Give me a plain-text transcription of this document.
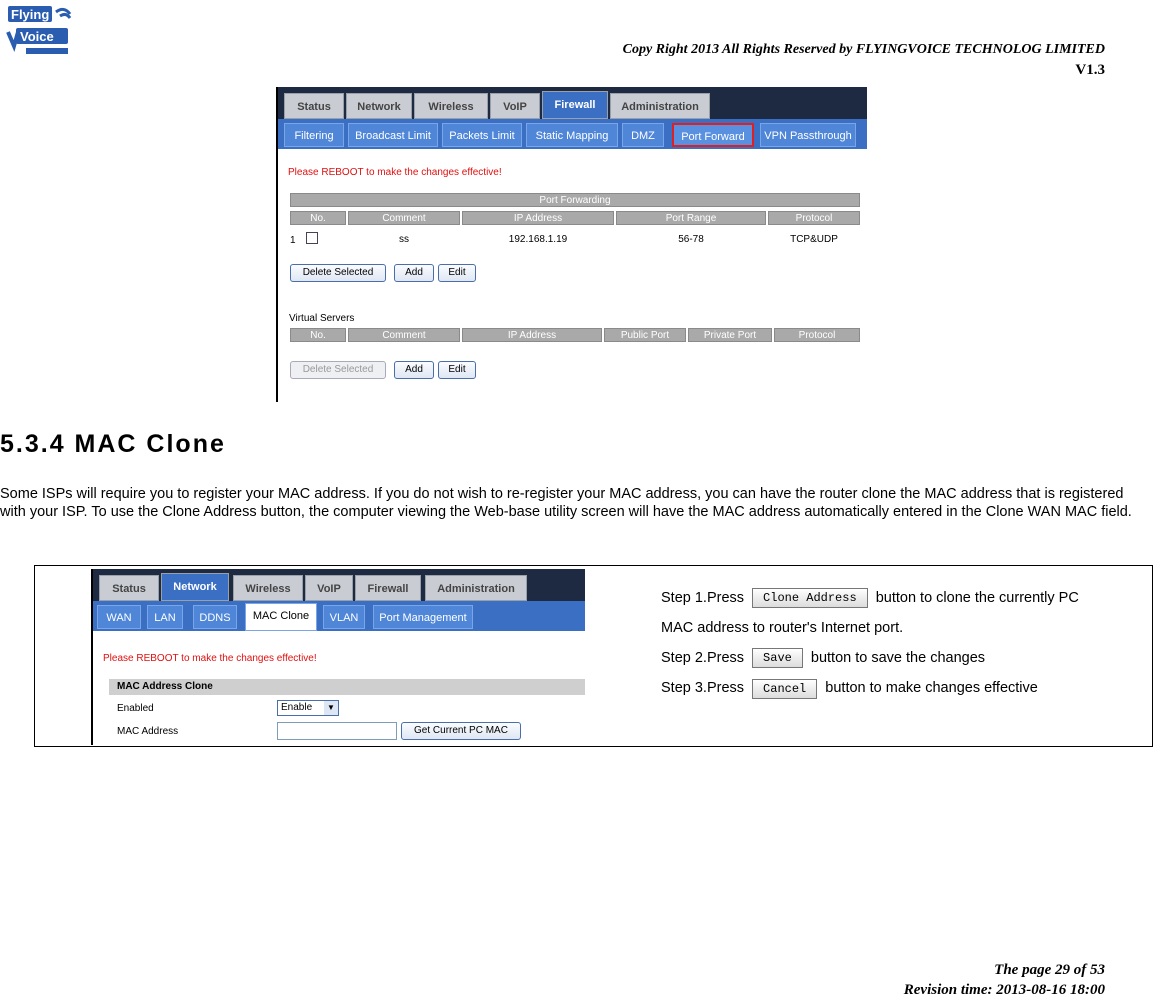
Flying
Voice
Copy Right 2013 All Rights Reserved by FLYINGVOICE TECHNOLOG LIMITED
V1.3
Status	Network	Wireless	VoIP	Firewall	Administration
Filtering	Broadcast Limit	Packets Limit	Static Mapping	DMZ	Port Forward	VPN Passthrough
Please REBOOT to make the changes effective!
Port Forwarding
No.	Comment	IP Address	Port Range	Protocol
1	ss	192.168.1.19	56-78	TCP&UDP
Delete Selected	Add	Edit
Virtual Servers
No.	Comment	IP Address	Public Port	Private Port	Protocol
Delete Selected	Add	Edit
5.3.4 MAC Clone
Some ISPs will require you to register your MAC address. If you do not wish to re-register your MAC address, you can have the router clone the MAC address that is registered with your ISP. To use the Clone Address button, the computer viewing the Web-base utility screen will have the MAC address automatically entered in the Clone WAN MAC field.
Status	Network	Wireless	VoIP	Firewall	Administration
WAN	LAN	DDNS	MAC Clone	VLAN	Port Management
Please REBOOT to make the changes effective!
MAC Address Clone
Enabled	Enable	▼
MAC Address	Get Current PC MAC

Step 1.Press Clone Address button to clone the currently PC

MAC address to router's Internet port.

Step 2.Press Save button to save the changes

Step 3.Press Cancel button to make changes effective

The page 29 of 53
Revision time: 2013-08-16 18:00
